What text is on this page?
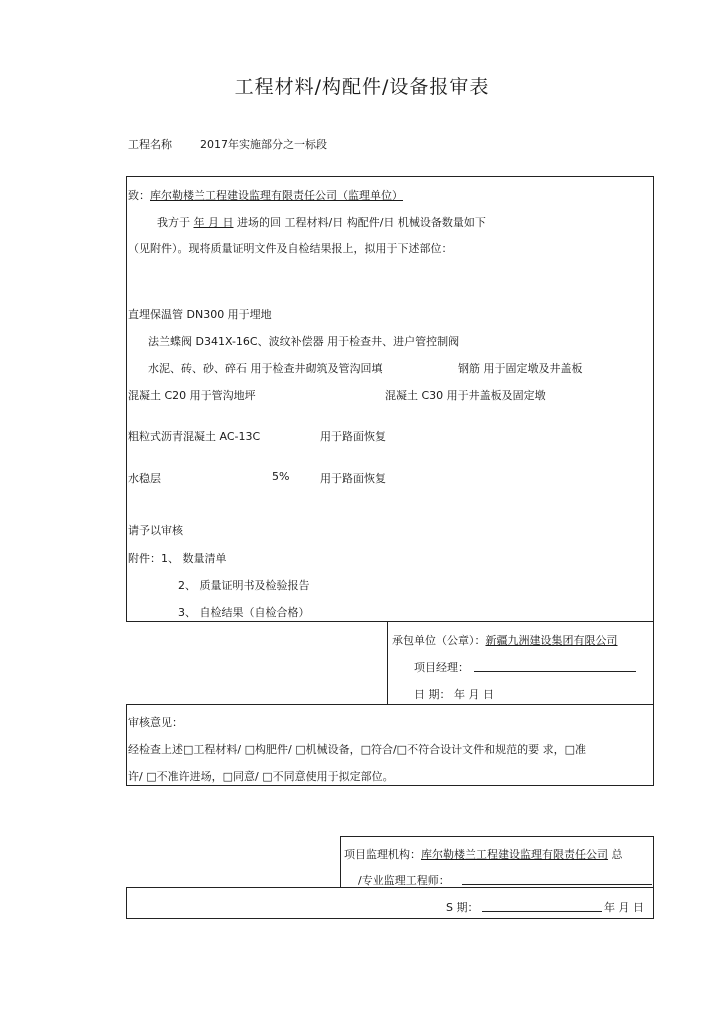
工程材料/构配件/设备报审表
工程名称	2017年实施部分之一标段
致：库尔勒楼兰工程建设监理有限责任公司（监理单位）
我方于 年 月 日 进场的回 工程材料/日 构配件/日 机械设备数量如下
（见附件）。现将质量证明文件及自检结果报上，拟用于下述部位：
直埋保温管 DN300 用于埋地
法兰蝶阀 D341X-16C、波纹补偿器 用于检查井、进户管控制阀
水泥、砖、砂、碎石 用于检查井砌筑及管沟回填	钢筋 用于固定墩及井盖板
混凝土 C20 用于管沟地坪	混凝土 C30 用于井盖板及固定墩
粗粒式沥青混凝土 AC-13C	用于路面恢复
水稳层	5%	用于路面恢复
请予以审核
附件：1、 数量清单
2、 质量证明书及检验报告
3、 自检结果（自检合格）
承包单位（公章）：新疆九洲建设集团有限公司
项目经理：
日 期： 年 月 日
审核意见：
经检查上述□工程材料/ □构肥件/ □机械设备，□符合/□不符合设计文件和规范的要 求，□准
许/ □不准许进场，□同意/ □不同意使用于拟定部位。
项目监理机构：库尔勒楼兰工程建设监理有限责任公司 总
/专业监理工程师：
S 期：	年 月 日
